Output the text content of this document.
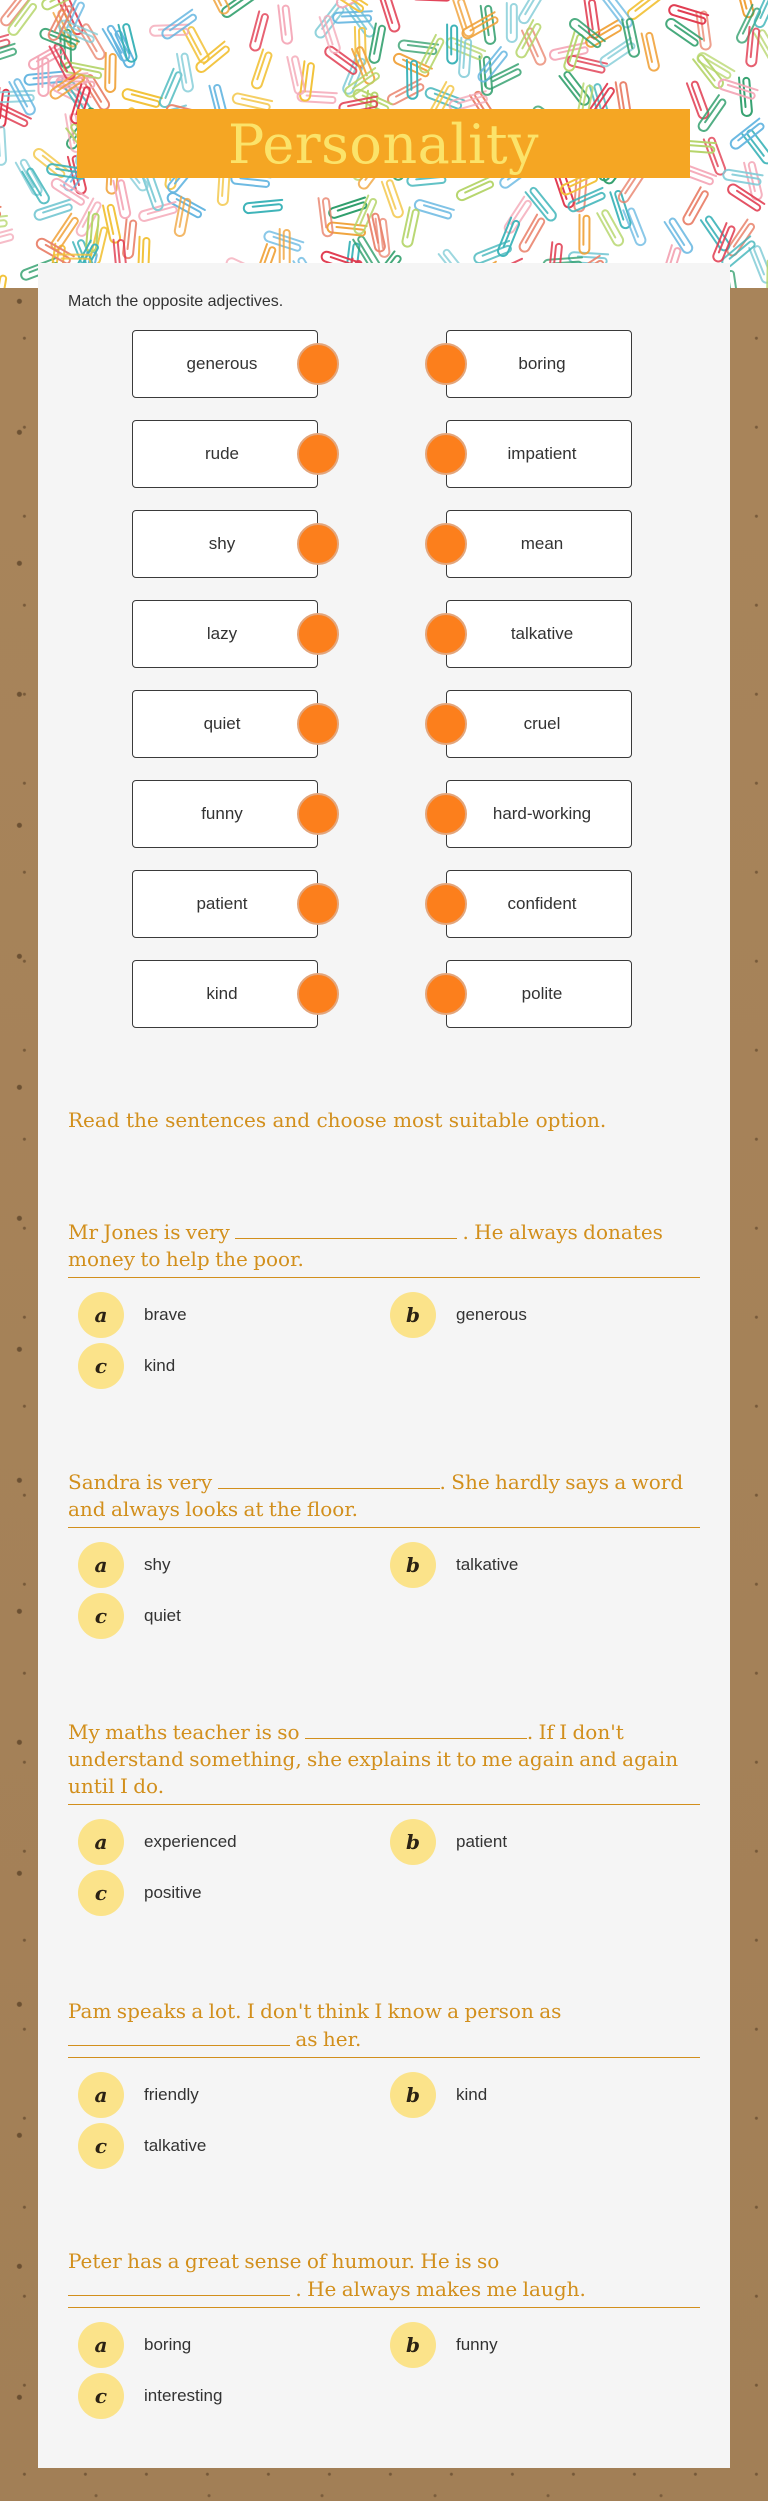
Personality
Match the opposite adjectives.
generous	boring
rude	impatient
shy	mean
lazy	talkative
quiet	cruel
funny	hard-working
patient	confident
kind	polite
Read the sentences and choose most suitable option.
Mr Jones is very	. He always donates money to help the poor.
a	brave	b	generous
c	kind
Sandra is very	. She hardly says a word and always looks at the floor.
a	shy	b	talkative
c	quiet
My maths teacher is so	. If I don't understand something, she explains it to me again and again until I do.
a	experienced	b	patient
c	positive
Pam speaks a lot. I don't think I know a person as  as her.
a	friendly	b	kind
c	talkative
Peter has a great sense of humour. He is so  . He always makes me laugh.
a	boring	b	funny
c	interesting
